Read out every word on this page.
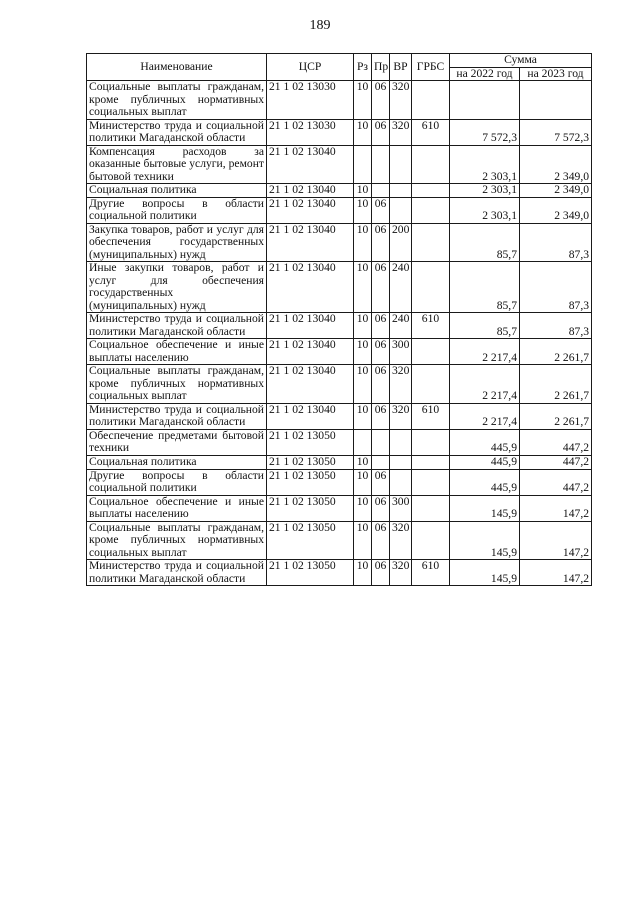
189
Наименование	ЦСР	Рз	Пр	ВР	ГРБС	Сумма	
						на 2022 год	на 2023 год
Социальные выплаты гражданам, кроме публичных нормативных социальных выплат	21 1 02 13030	10	06	320			
Министерство труда и социальной политики Магаданской области	21 1 02 13030	10	06	320	610	7 572,3	7 572,3
Компенсация расходов за оказанные бытовые услуги, ремонт бытовой техники	21 1 02 13040					2 303,1	2 349,0
Социальная политика	21 1 02 13040	10				2 303,1	2 349,0
Другие вопросы в области социальной политики	21 1 02 13040	10	06			2 303,1	2 349,0
Закупка товаров, работ и услуг для обеспечения государственных (муниципальных) нужд	21 1 02 13040	10	06	200		85,7	87,3
Иные закупки товаров, работ и услуг для обеспечения государственных (муниципальных) нужд	21 1 02 13040	10	06	240		85,7	87,3
Министерство труда и социальной политики Магаданской области	21 1 02 13040	10	06	240	610	85,7	87,3
Социальное обеспечение и иные выплаты населению	21 1 02 13040	10	06	300		2 217,4	2 261,7
Социальные выплаты гражданам, кроме публичных нормативных социальных выплат	21 1 02 13040	10	06	320		2 217,4	2 261,7
Министерство труда и социальной политики Магаданской области	21 1 02 13040	10	06	320	610	2 217,4	2 261,7
Обеспечение предметами бытовой техники	21 1 02 13050					445,9	447,2
Социальная политика	21 1 02 13050	10				445,9	447,2
Другие вопросы в области социальной политики	21 1 02 13050	10	06			445,9	447,2
Социальное обеспечение и иные выплаты населению	21 1 02 13050	10	06	300		145,9	147,2
Социальные выплаты гражданам, кроме публичных нормативных социальных выплат	21 1 02 13050	10	06	320		145,9	147,2
Министерство труда и социальной политики Магаданской области	21 1 02 13050	10	06	320	610	145,9	147,2
